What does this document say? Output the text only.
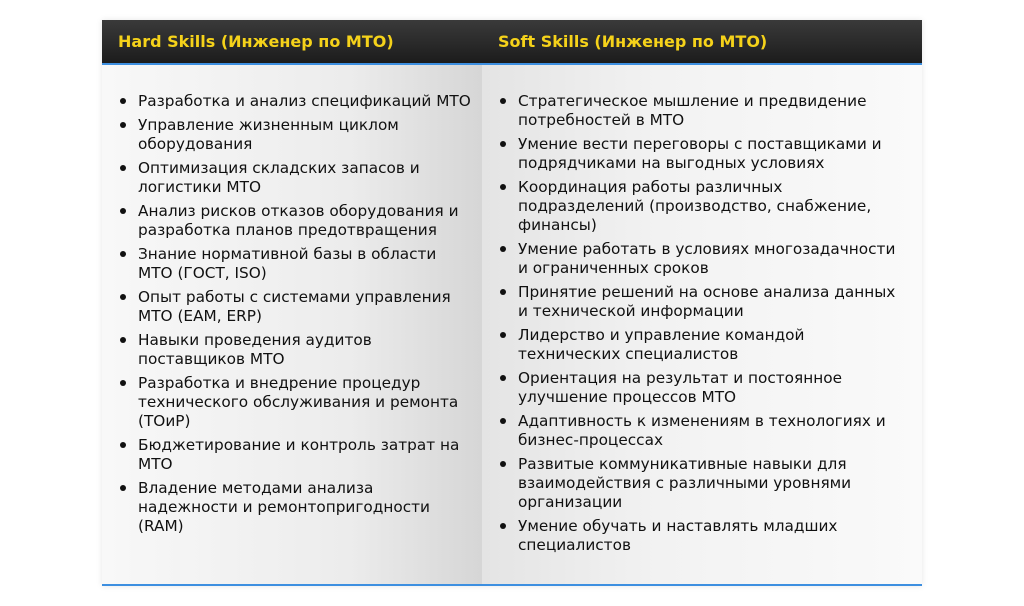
Hard Skills (Инженер по МТО)	Soft Skills (Инженер по МТО)
Разработка и анализ спецификаций МТО
Управление жизненным циклом оборудования
Оптимизация складских запасов и логистики МТО
Анализ рисков отказов оборудования и разработка планов предотвращения
Знание нормативной базы в области МТО (ГОСТ, ISO)
Опыт работы с системами управления МТО (EAM, ERP)
Навыки проведения аудитов поставщиков МТО
Разработка и внедрение процедур технического обслуживания и ремонта (ТОиР)
Бюджетирование и контроль затрат на МТО
Владение методами анализа надежности и ремонтопригодности (RAM)
Стратегическое мышление и предвидение потребностей в МТО
Умение вести переговоры с поставщиками и подрядчиками на выгодных условиях
Координация работы различных подразделений (производство, снабжение, финансы)
Умение работать в условиях многозадачности и ограниченных сроков
Принятие решений на основе анализа данных и технической информации
Лидерство и управление командой технических специалистов
Ориентация на результат и постоянное улучшение процессов МТО
Адаптивность к изменениям в технологиях и бизнес-процессах
Развитые коммуникативные навыки для взаимодействия с различными уровнями организации
Умение обучать и наставлять младших специалистов
